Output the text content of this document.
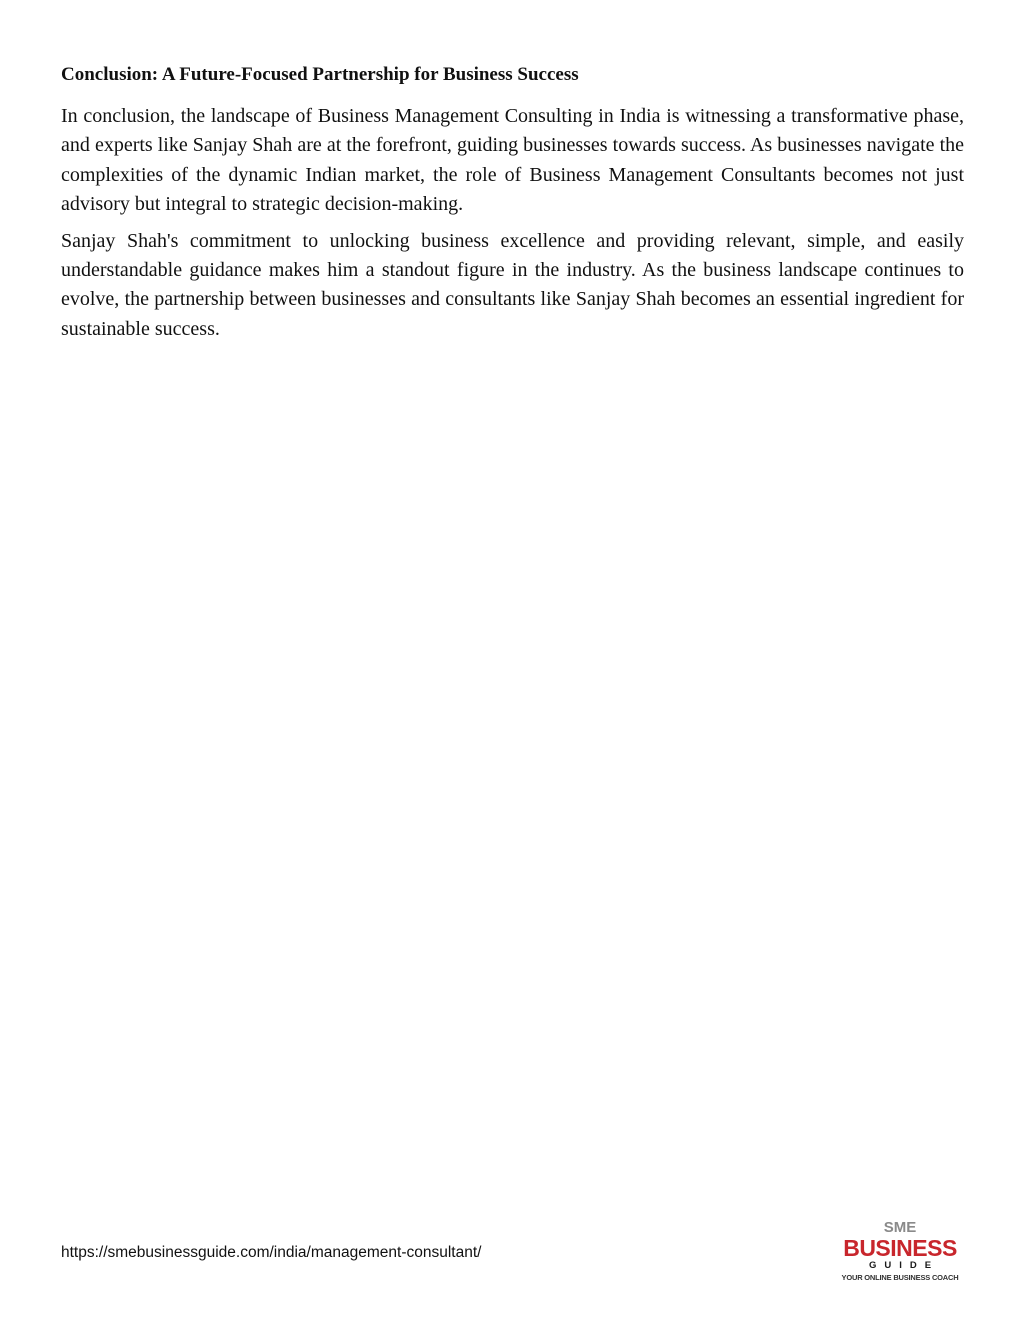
Conclusion: A Future-Focused Partnership for Business Success

In conclusion, the landscape of Business Management Consulting in India is witnessing a transformative phase, and experts like Sanjay Shah are at the forefront, guiding businesses towards success. As businesses navigate the complexities of the dynamic Indian market, the role of Business Management Consultants becomes not just advisory but integral to strategic decision-making.

Sanjay Shah's commitment to unlocking business excellence and providing relevant, simple, and easily understandable guidance makes him a standout figure in the industry. As the business landscape continues to evolve, the partnership between businesses and consultants like Sanjay Shah becomes an essential ingredient for sustainable success.

https://smebusinessguide.com/india/management-consultant/
SME
BUSINESS
GUIDE
YOUR ONLINE BUSINESS COACH
